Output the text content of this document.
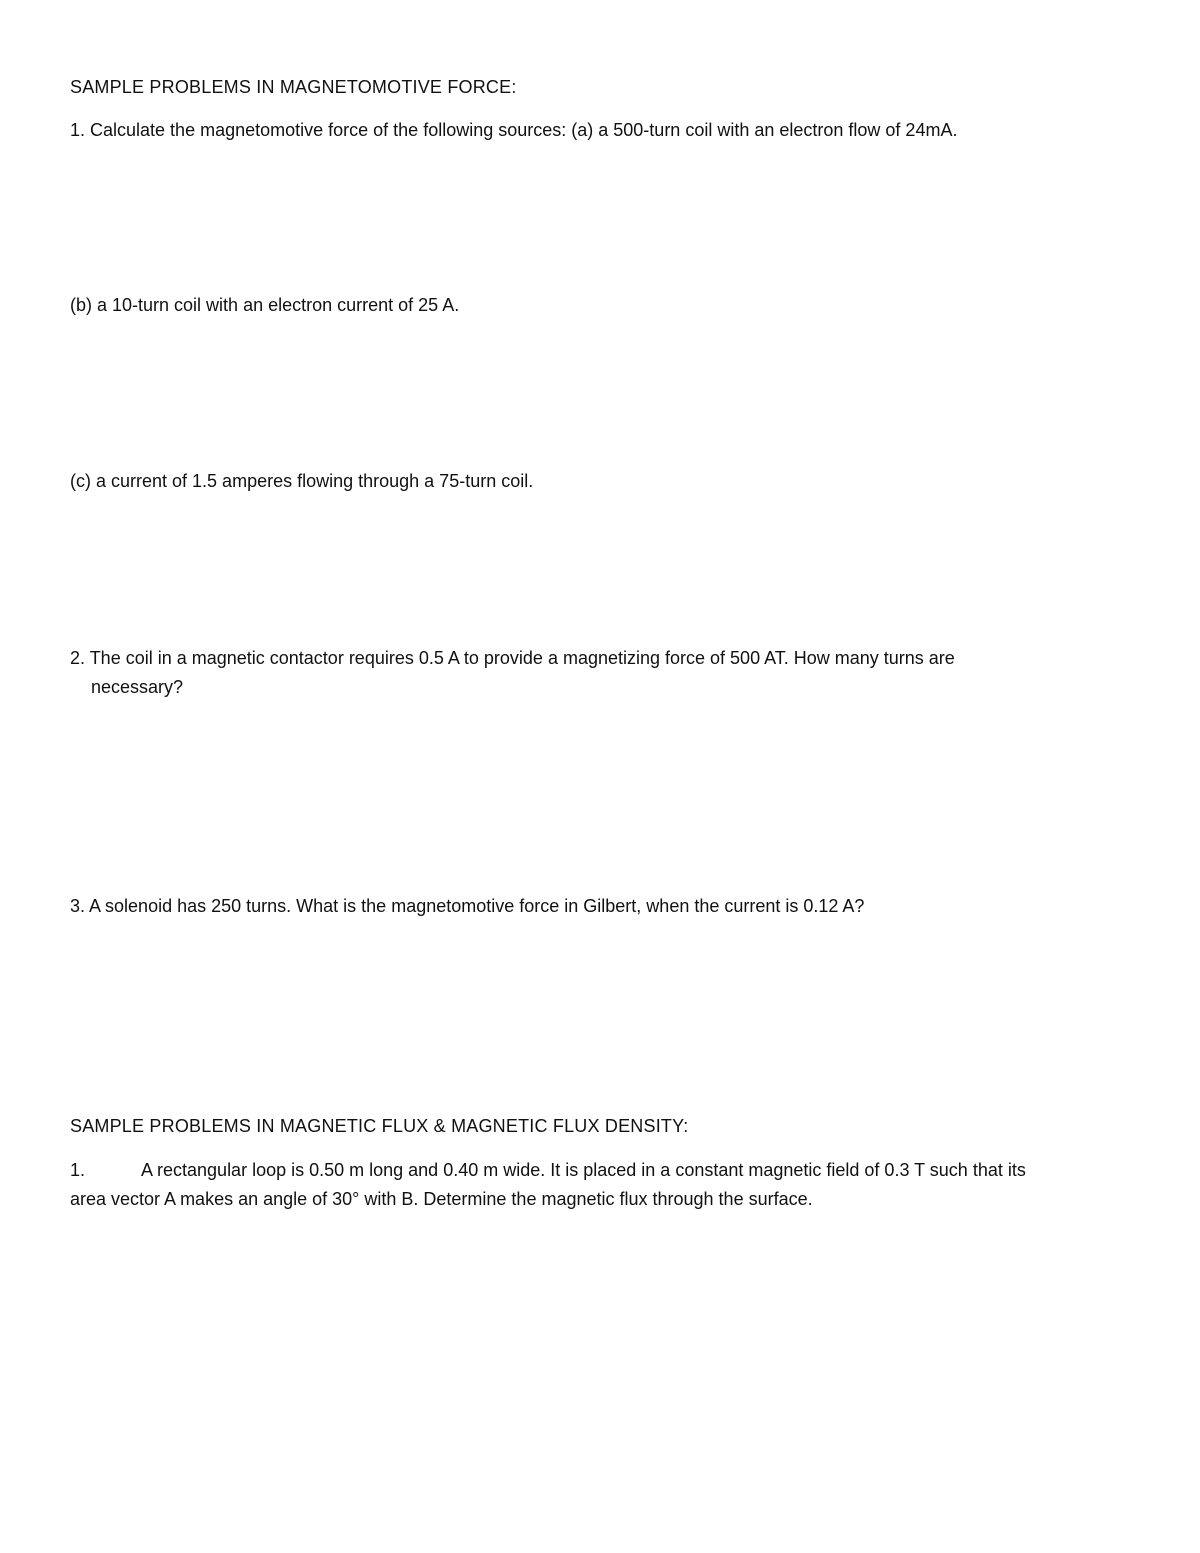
SAMPLE PROBLEMS IN MAGNETOMOTIVE FORCE:
1. Calculate the magnetomotive force of the following sources: (a) a 500-turn coil with an electron flow of 24mA.
(b) a 10-turn coil with an electron current of 25 A.
(c) a current of 1.5 amperes flowing through a 75-turn coil.
2. The coil in a magnetic contactor requires 0.5 A to provide a magnetizing force of 500 AT. How many turns are
necessary?
3. A solenoid has 250 turns. What is the magnetomotive force in Gilbert, when the current is 0.12 A?
SAMPLE PROBLEMS IN MAGNETIC FLUX & MAGNETIC FLUX DENSITY:
1.	A rectangular loop is 0.50 m long and 0.40 m wide. It is placed in a constant magnetic field of 0.3 T such that its
area vector A makes an angle of 30° with B. Determine the magnetic flux through the surface.
